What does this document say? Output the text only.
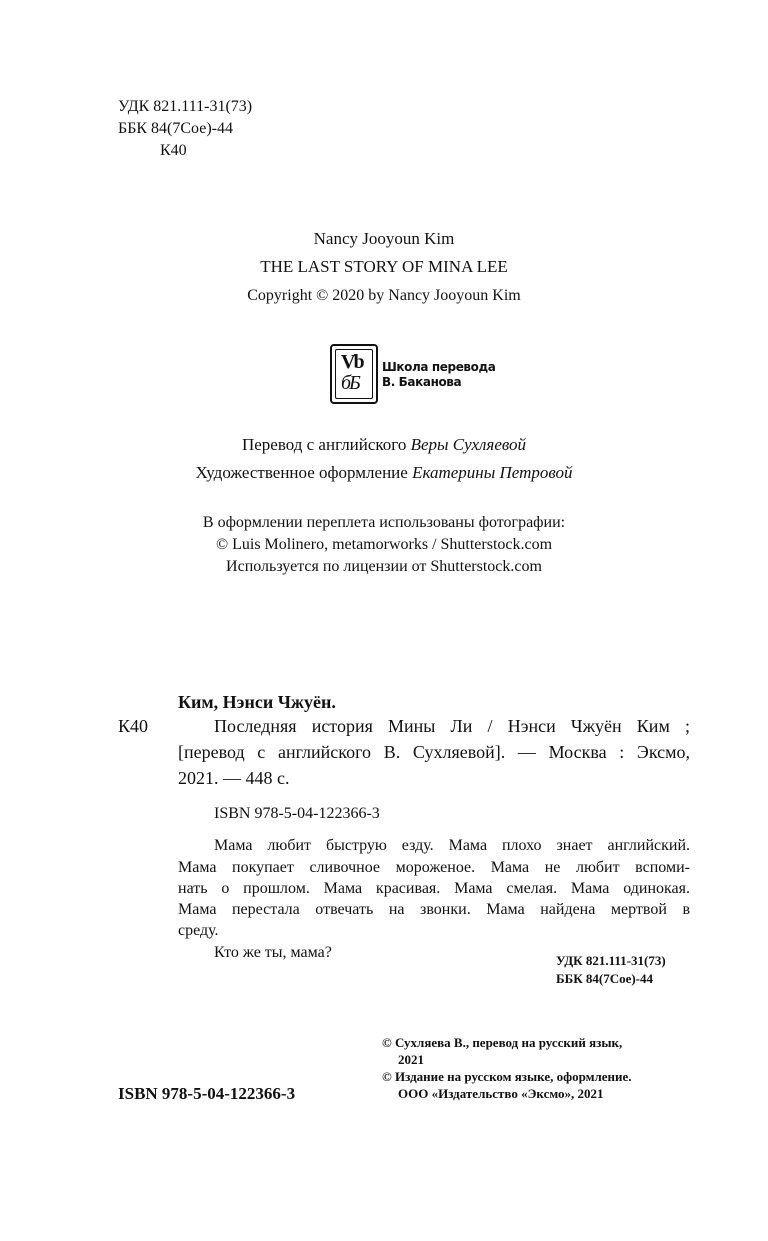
УДК 821.111-31(73)
ББК 84(7Сое)-44
К40
Nancy Jooyoun Kim
THE LAST STORY OF MINA LEE
Copyright © 2020 by Nancy Jooyoun Kim
Vb
бБ
Школа перевода
В. Баканова
Перевод с английского Веры Сухляевой
Художественное оформление Екатерины Петровой
В оформлении переплета использованы фотографии:
© Luis Molinero, metamorworks / Shutterstock.com
Используется по лицензии от Shutterstock.com
Ким, Нэнси Чжуён.
К40	Последняя история Мины Ли / Нэнси Чжуён Ким ;
[перевод с английского В. Сухляевой]. — Москва : Эксмо,
2021. — 448 с.
ISBN 978-5-04-122366-3
Мама любит быструю езду. Мама плохо знает английский.
Мама покупает сливочное мороженое. Мама не любит вспоми-
нать о прошлом. Мама красивая. Мама смелая. Мама одинокая.
Мама перестала отвечать на звонки. Мама найдена мертвой в
среду.
Кто же ты, мама?	УДК 821.111-31(73)
ББК 84(7Сое)-44
ISBN 978-5-04-122366-3
© Сухляева В., перевод на русский язык,
2021
© Издание на русском языке, оформление.
ООО «Издательство «Эксмо», 2021
